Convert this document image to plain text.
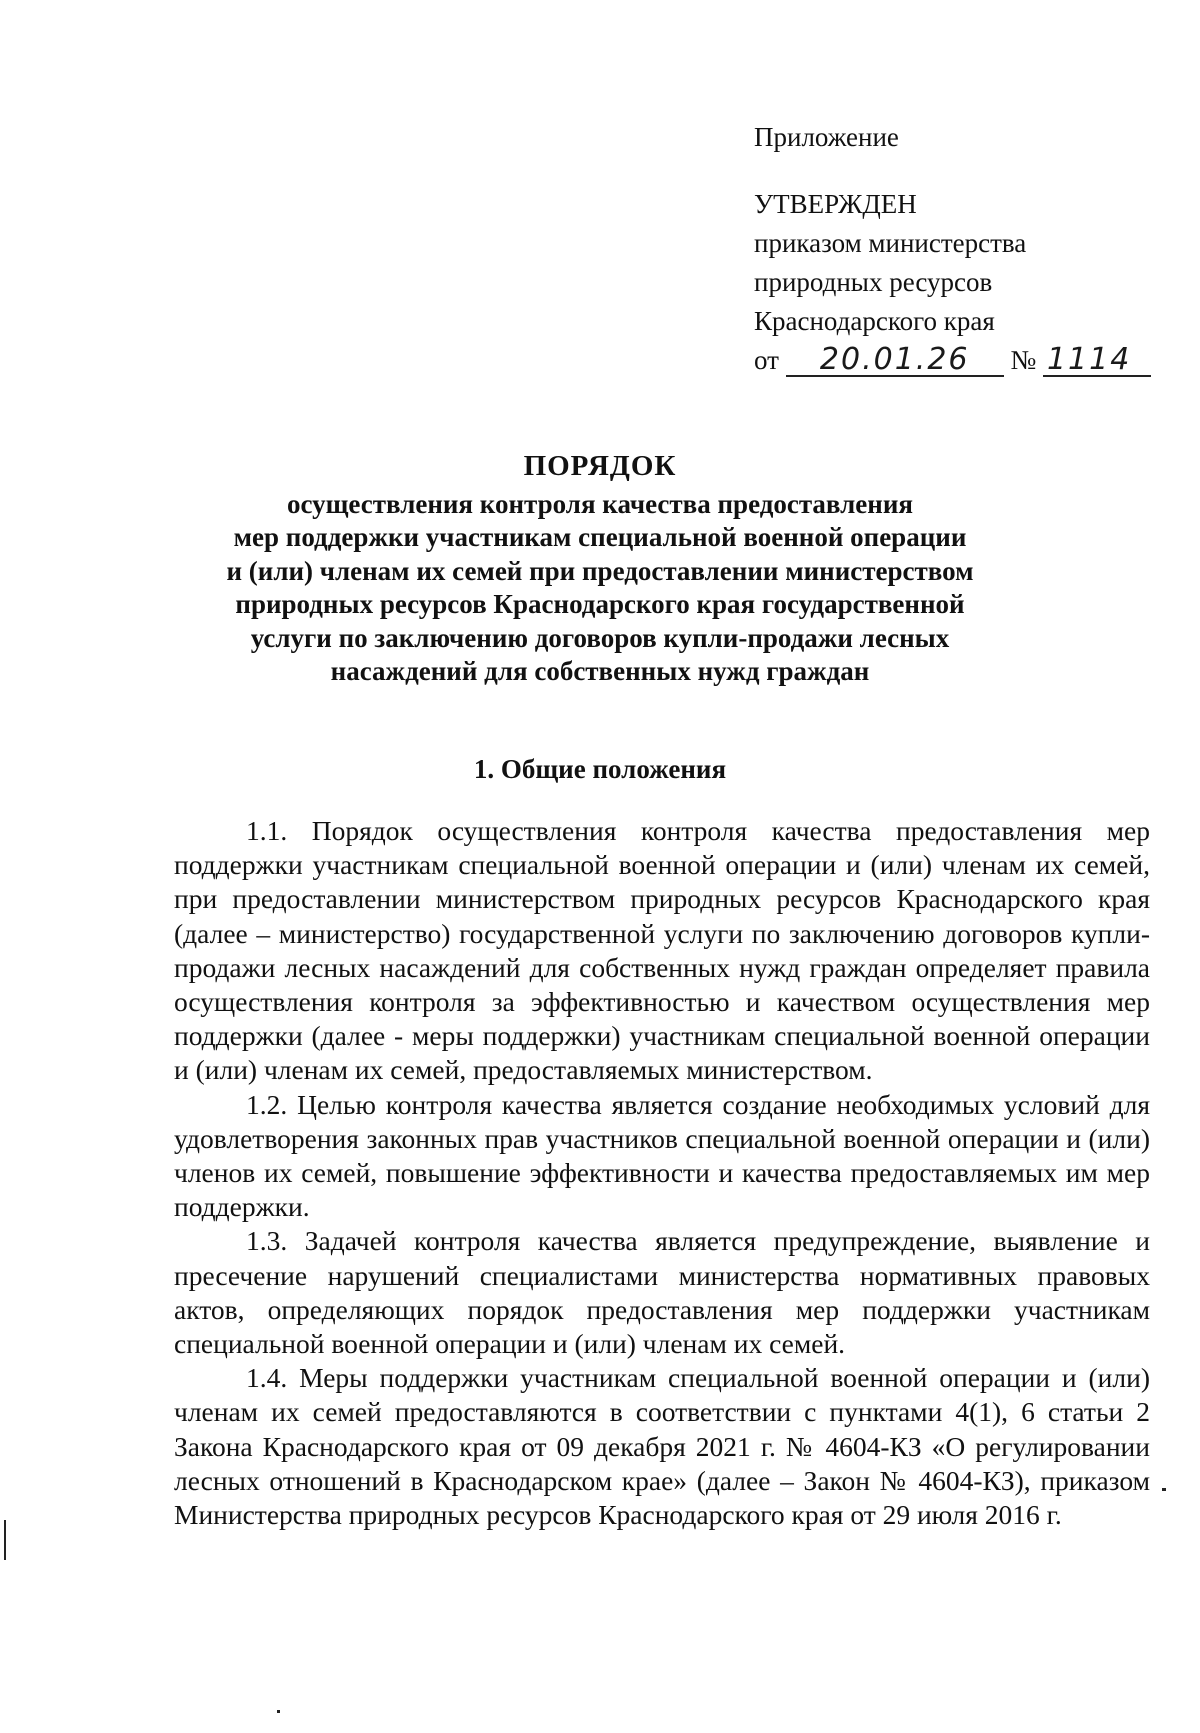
Приложение
УТВЕРЖДЕН
приказом министерства
природных ресурсов
Краснодарского края
от 20.01.26 № 1114
ПОРЯДОК
осуществления контроля качества предоставления
мер поддержки участникам специальной военной операции
и (или) членам их семей при предоставлении министерством
природных ресурсов Краснодарского края государственной
услуги по заключению договоров купли-продажи лесных
насаждений для собственных нужд граждан
1. Общие положения

1.1. Порядок осуществления контроля качества предоставления мер поддержки участникам специальной военной операции и (или) членам их семей, при предоставлении министерством природных ресурсов Краснодарского края (далее – министерство) государственной услуги по заключению договоров купли-продажи лесных насаждений для собственных нужд граждан определяет правила осуществления контроля за эффективностью и качеством осуществления мер поддержки (далее - меры поддержки) участникам специальной военной операции и (или) членам их семей, предоставляемых министерством.

1.2. Целью контроля качества является создание необходимых условий для удовлетворения законных прав участников специальной военной операции и (или) членов их семей, повышение эффективности и качества предоставляемых им мер поддержки.

1.3. Задачей контроля качества является предупреждение, выявление и пресечение нарушений специалистами министерства нормативных правовых актов, определяющих порядок предоставления мер поддержки участникам специальной военной операции и (или) членам их семей.

1.4. Меры поддержки участникам специальной военной операции и (или) членам их семей предоставляются в соответствии с пунктами 4(1), 6 статьи 2 Закона Краснодарского края от 09 декабря 2021 г. № 4604-КЗ «О регулировании лесных отношений в Краснодарском крае» (далее – Закон № 4604-КЗ), приказом Министерства природных ресурсов Краснодарского края от 29 июля 2016 г.
